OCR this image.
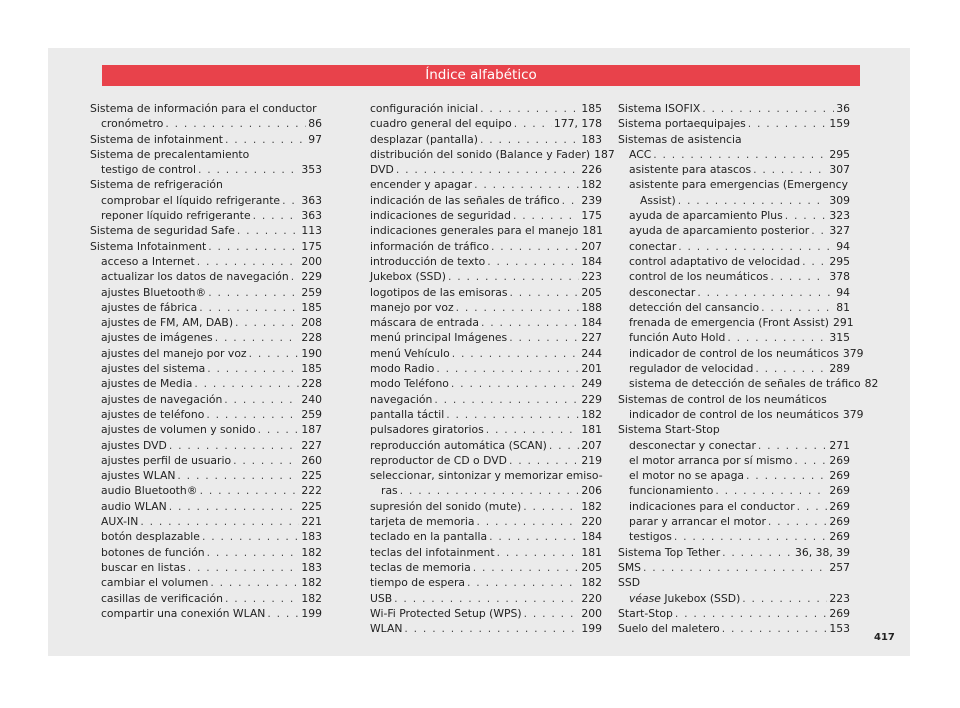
Índice alfabético
Sistema de información para el conductor
cronómetro . . .	86
Sistema de infotainment . . .	97
Sistema de precalentamiento
testigo de control . . .	353
Sistema de refrigeración
comprobar el líquido refrigerante . . . 363
reponer líquido refrigerante . . .	363
Sistema de seguridad Safe . . .	113
Sistema Infotainment . . .	175
acceso a Internet . . .	200
actualizar los datos de navegación . . . 229
ajustes Bluetooth® . . .	259
ajustes de fábrica . . .	185
ajustes de FM, AM, DAB) . . .	208
ajustes de imágenes . . .	228
ajustes del manejo por voz . . .	190
ajustes del sistema . . .	185
ajustes de Media . . .	228
ajustes de navegación . . .	240
ajustes de teléfono . . .	259
ajustes de volumen y sonido . . .	187
ajustes DVD . . .	227
ajustes perfil de usuario . . .	260
ajustes WLAN . . .	225
audio Bluetooth® . . .	222
audio WLAN . . .	225
AUX-IN . . .	221
botón desplazable . . .	183
botones de función . . .	182
buscar en listas . . .	183
cambiar el volumen . . .	182
casillas de verificación . . .	182
compartir una conexión WLAN . . .	199
configuración inicial . . .	185
cuadro general del equipo . . .	177, 178
desplazar (pantalla) . . .	183
distribución del sonido (Balance y Fader) 187
DVD . . .	226
encender y apagar . . .	182
indicación de las señales de tráfico . . . 239
indicaciones de seguridad . . .	175
indicaciones generales para el manejo 181
información de tráfico . . .	207
introducción de texto . . .	184
Jukebox (SSD) . . .	223
logotipos de las emisoras . . .	205
manejo por voz . . .	188
máscara de entrada . . .	184
menú principal Imágenes . . .	227
menú Vehículo . . .	244
modo Radio . . .	201
modo Teléfono . . .	249
navegación . . .	229
pantalla táctil . . .	182
pulsadores giratorios . . .	181
reproducción automática (SCAN) . . .	207
reproductor de CD o DVD . . .	219
seleccionar, sintonizar y memorizar emiso-
ras . . .	206
supresión del sonido (mute) . . .	182
tarjeta de memoria . . .	220
teclado en la pantalla . . .	184
teclas del infotainment . . .	181
teclas de memoria . . .	205
tiempo de espera . . .	182
USB . . .	220
Wi-Fi Protected Setup (WPS) . . .	200
WLAN . . .	199
Sistema ISOFIX . . .	36
Sistema portaequipajes . . .	159
Sistemas de asistencia
ACC . . .	295
asistente para atascos . . .	307
asistente para emergencias (Emergency
Assist) . . .	309
ayuda de aparcamiento Plus . . .	323
ayuda de aparcamiento posterior . . . 327
conectar . . .	94
control adaptativo de velocidad . . .	295
control de los neumáticos . . .	378
desconectar . . .	94
detección del cansancio . . .	81
frenada de emergencia (Front Assist) 291
función Auto Hold . . .	315
indicador de control de los neumáticos 379
regulador de velocidad . . .	289
sistema de detección de señales de tráfico 82
Sistemas de control de los neumáticos
indicador de control de los neumáticos 379
Sistema Start-Stop
desconectar y conectar . . .	271
el motor arranca por sí mismo . . .	269
el motor no se apaga . . .	269
funcionamiento . . .	269
indicaciones para el conductor . . .	269
parar y arrancar el motor . . .	269
testigos . . .	269
Sistema Top Tether . . .	36, 38, 39
SMS . . .	257
SSD
véase Jukebox (SSD) . . .	223
Start-Stop . . .	269
Suelo del maletero . . .	153
417
